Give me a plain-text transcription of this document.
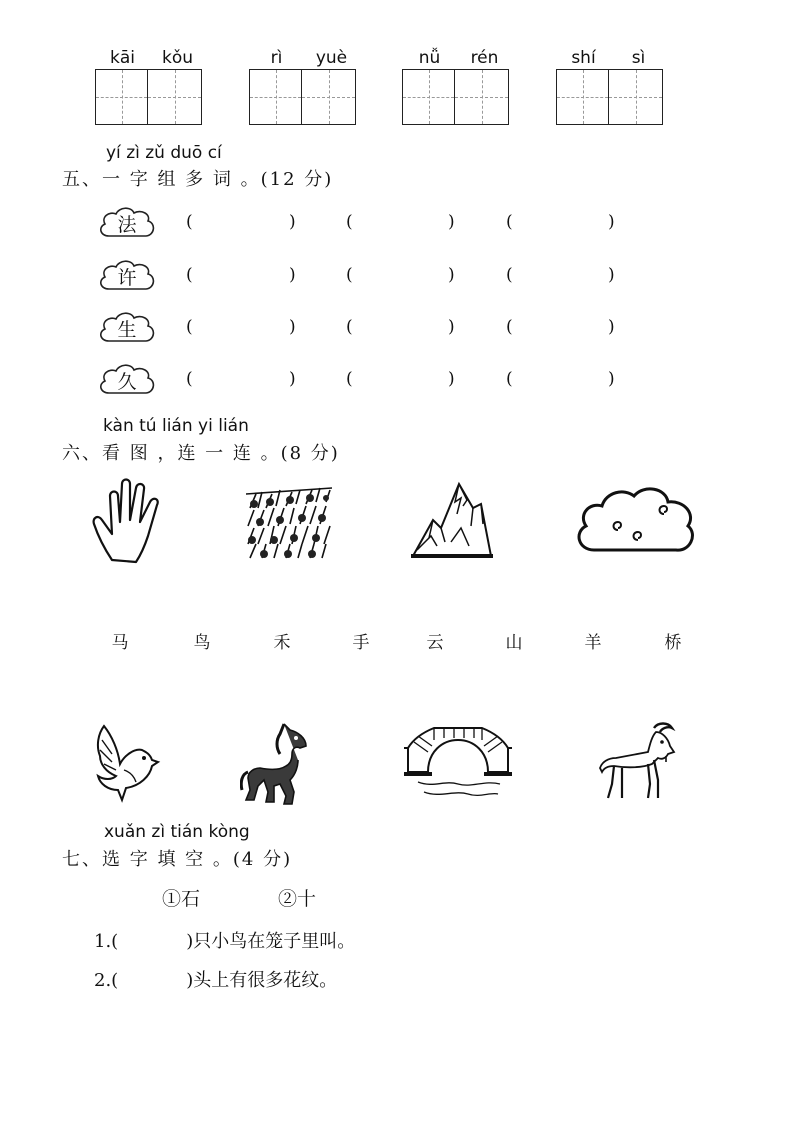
kāi	kǒu	rì	yuè	nǚ	rén	shí	sì
yí zì zǔ duō cí
五、一 字 组 多 词 。(12 分)
法	(	)	(	)	(	)
许	(	)	(	)	(	)
生	(	)	(	)	(	)
久	(	)	(	)	(	)
kàn tú lián yi lián
六、看 图 ，连 一 连 。(8 分)
马	鸟	禾	手	云	山	羊	桥
xuǎn zì tián kòng
七、选 字 填 空 。(4 分)
①石	②十
1.(	)只小鸟在笼子里叫。
2.(	)头上有很多花纹。
